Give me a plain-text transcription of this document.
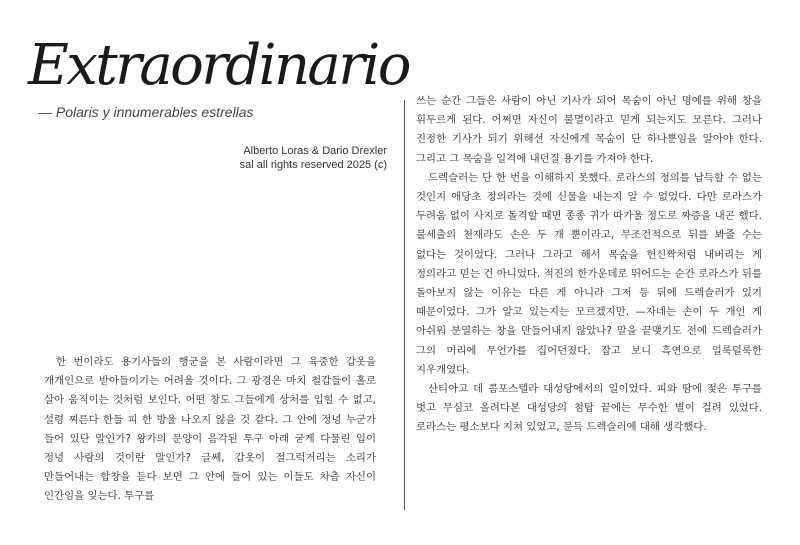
Extraordinario

— Polaris y innumerables estrellas

Alberto Loras & Dario Drexler
sal all rights reserved 2025 (c)

한 번이라도 용기사들의 행군을 본 사람이라면 그 육중한 갑옷을 개개인으로 받아들이기는 어려울 것이다. 그 광경은 마치 철갑들이 홀로 살아 움직이는 것처럼 보인다. 어떤 창도 그들에게 상처를 입힐 수 없고, 설령 찌른다 한들 피 한 방울 나오지 않을 것 같다. 그 안에 정녕 누군가 들어 있단 말인가? 왕가의 문양이 음각된 투구 아래 굳게 다물린 입이 정녕 사람의 것이란 말인가? 글쎄, 갑옷이 절그럭거리는 소리가 만들어내는 합창을 듣다 보면 그 안에 들어 있는 이들도 차츰 자신이 인간임을 잊는다. 투구를

쓰는 순간 그들은 사람이 아닌 기사가 되어 목숨이 아닌 명예를 위해 창을 휘두르게 된다. 어쩌면 자신이 불멸이라고 믿게 되는지도 모른다. 그러나 진정한 기사가 되기 위해선 자신에게 목숨이 단 하나뿐임을 알아야 한다. 그리고 그 목숨을 일격에 내던질 용기를 가져야 한다.

드렉슬러는 단 한 번을 이해하지 못했다. 로라스의 정의를 납득할 수 없는 것인지 애당초 정의라는 것에 신물을 내는지 알 수 없었다. 다만 로라스가 두려움 없이 사지로 돌격할 때면 종종 귀가 따가울 정도로 짜증을 내곤 했다. 불세출의 천재라도 손은 두 개 뿐이라고, 무조건적으로 뒤를 봐줄 수는 없다는 것이었다. 그러나 그라고 해서 목숨을 헌신짝처럼 내버리는 게 정의라고 믿는 건 아니었다. 적진의 한가운데로 뛰어드는 순간 로라스가 뒤를 돌아보지 않는 이유는 다른 게 아니라 그저 등 뒤에 드렉슬러가 있기 때문이었다. 그가 알고 있는지는 모르겠지만. —자네는 손이 두 개인 게 아쉬워 분열하는 창을 만들어내지 않았나? 말을 끝맺기도 전에 드렉슬러가 그의 머리에 무언가를 집어던졌다. 잡고 보니 흑연으로 얼룩덜룩한 지우개였다.

산티아고 데 콤포스텔라 대성당에서의 일이었다. 피와 땀에 젖은 투구를 벗고 무심코 올려다본 대성당의 첨탑 끝에는 무수한 별이 걸려 있었다. 로라스는 평소보다 지쳐 있었고, 문득 드렉슬러에 대해 생각했다.
